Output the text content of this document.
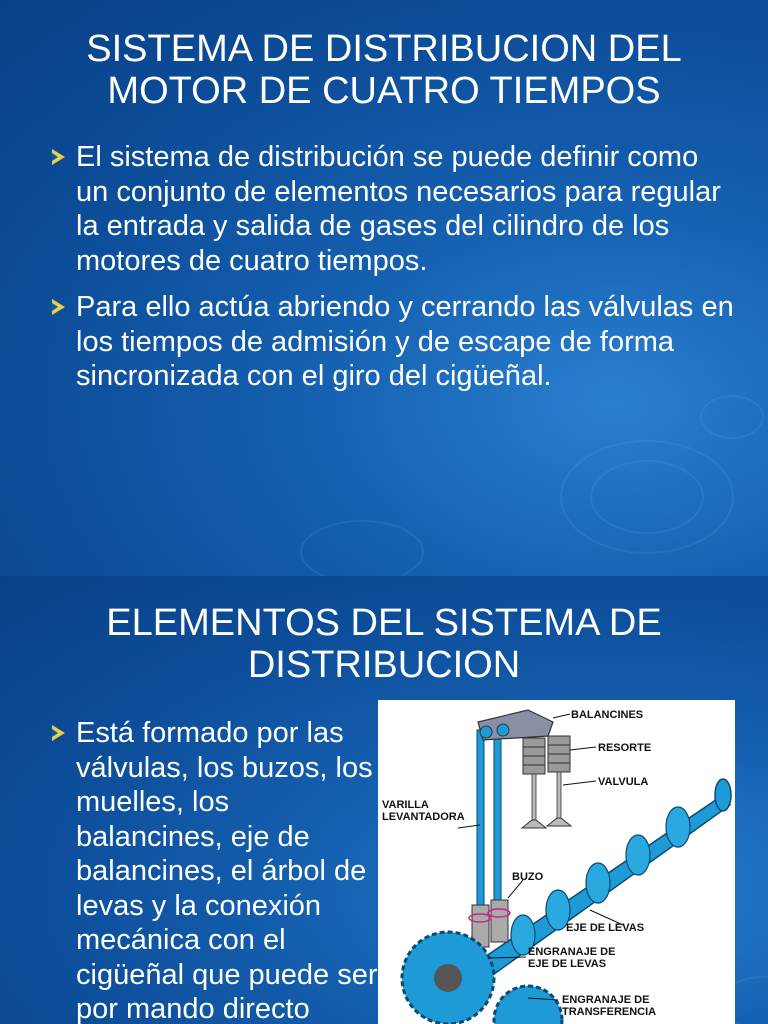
SISTEMA DE DISTRIBUCION DEL
MOTOR DE CUATRO TIEMPOS
El sistema de distribución se puede definir como un conjunto de elementos necesarios para regular la entrada y salida de gases del cilindro de los motores de cuatro tiempos.
Para ello actúa abriendo y cerrando las válvulas en los tiempos de admisión y de escape de forma sincronizada con el giro del cigüeñal.
ELEMENTOS DEL SISTEMA DE
DISTRIBUCION
Está formado por las válvulas, los buzos, los muelles, los balancines, eje de balancines, el árbol de levas y la conexión mecánica con el cigüeñal que puede ser por mando directo
BALANCINES
RESORTE
VALVULA
VARILLA
LEVANTADORA
BUZO
EJE DE LEVAS
ENGRANAJE DE
EJE DE LEVAS
ENGRANAJE DE
TRANSFERENCIA
